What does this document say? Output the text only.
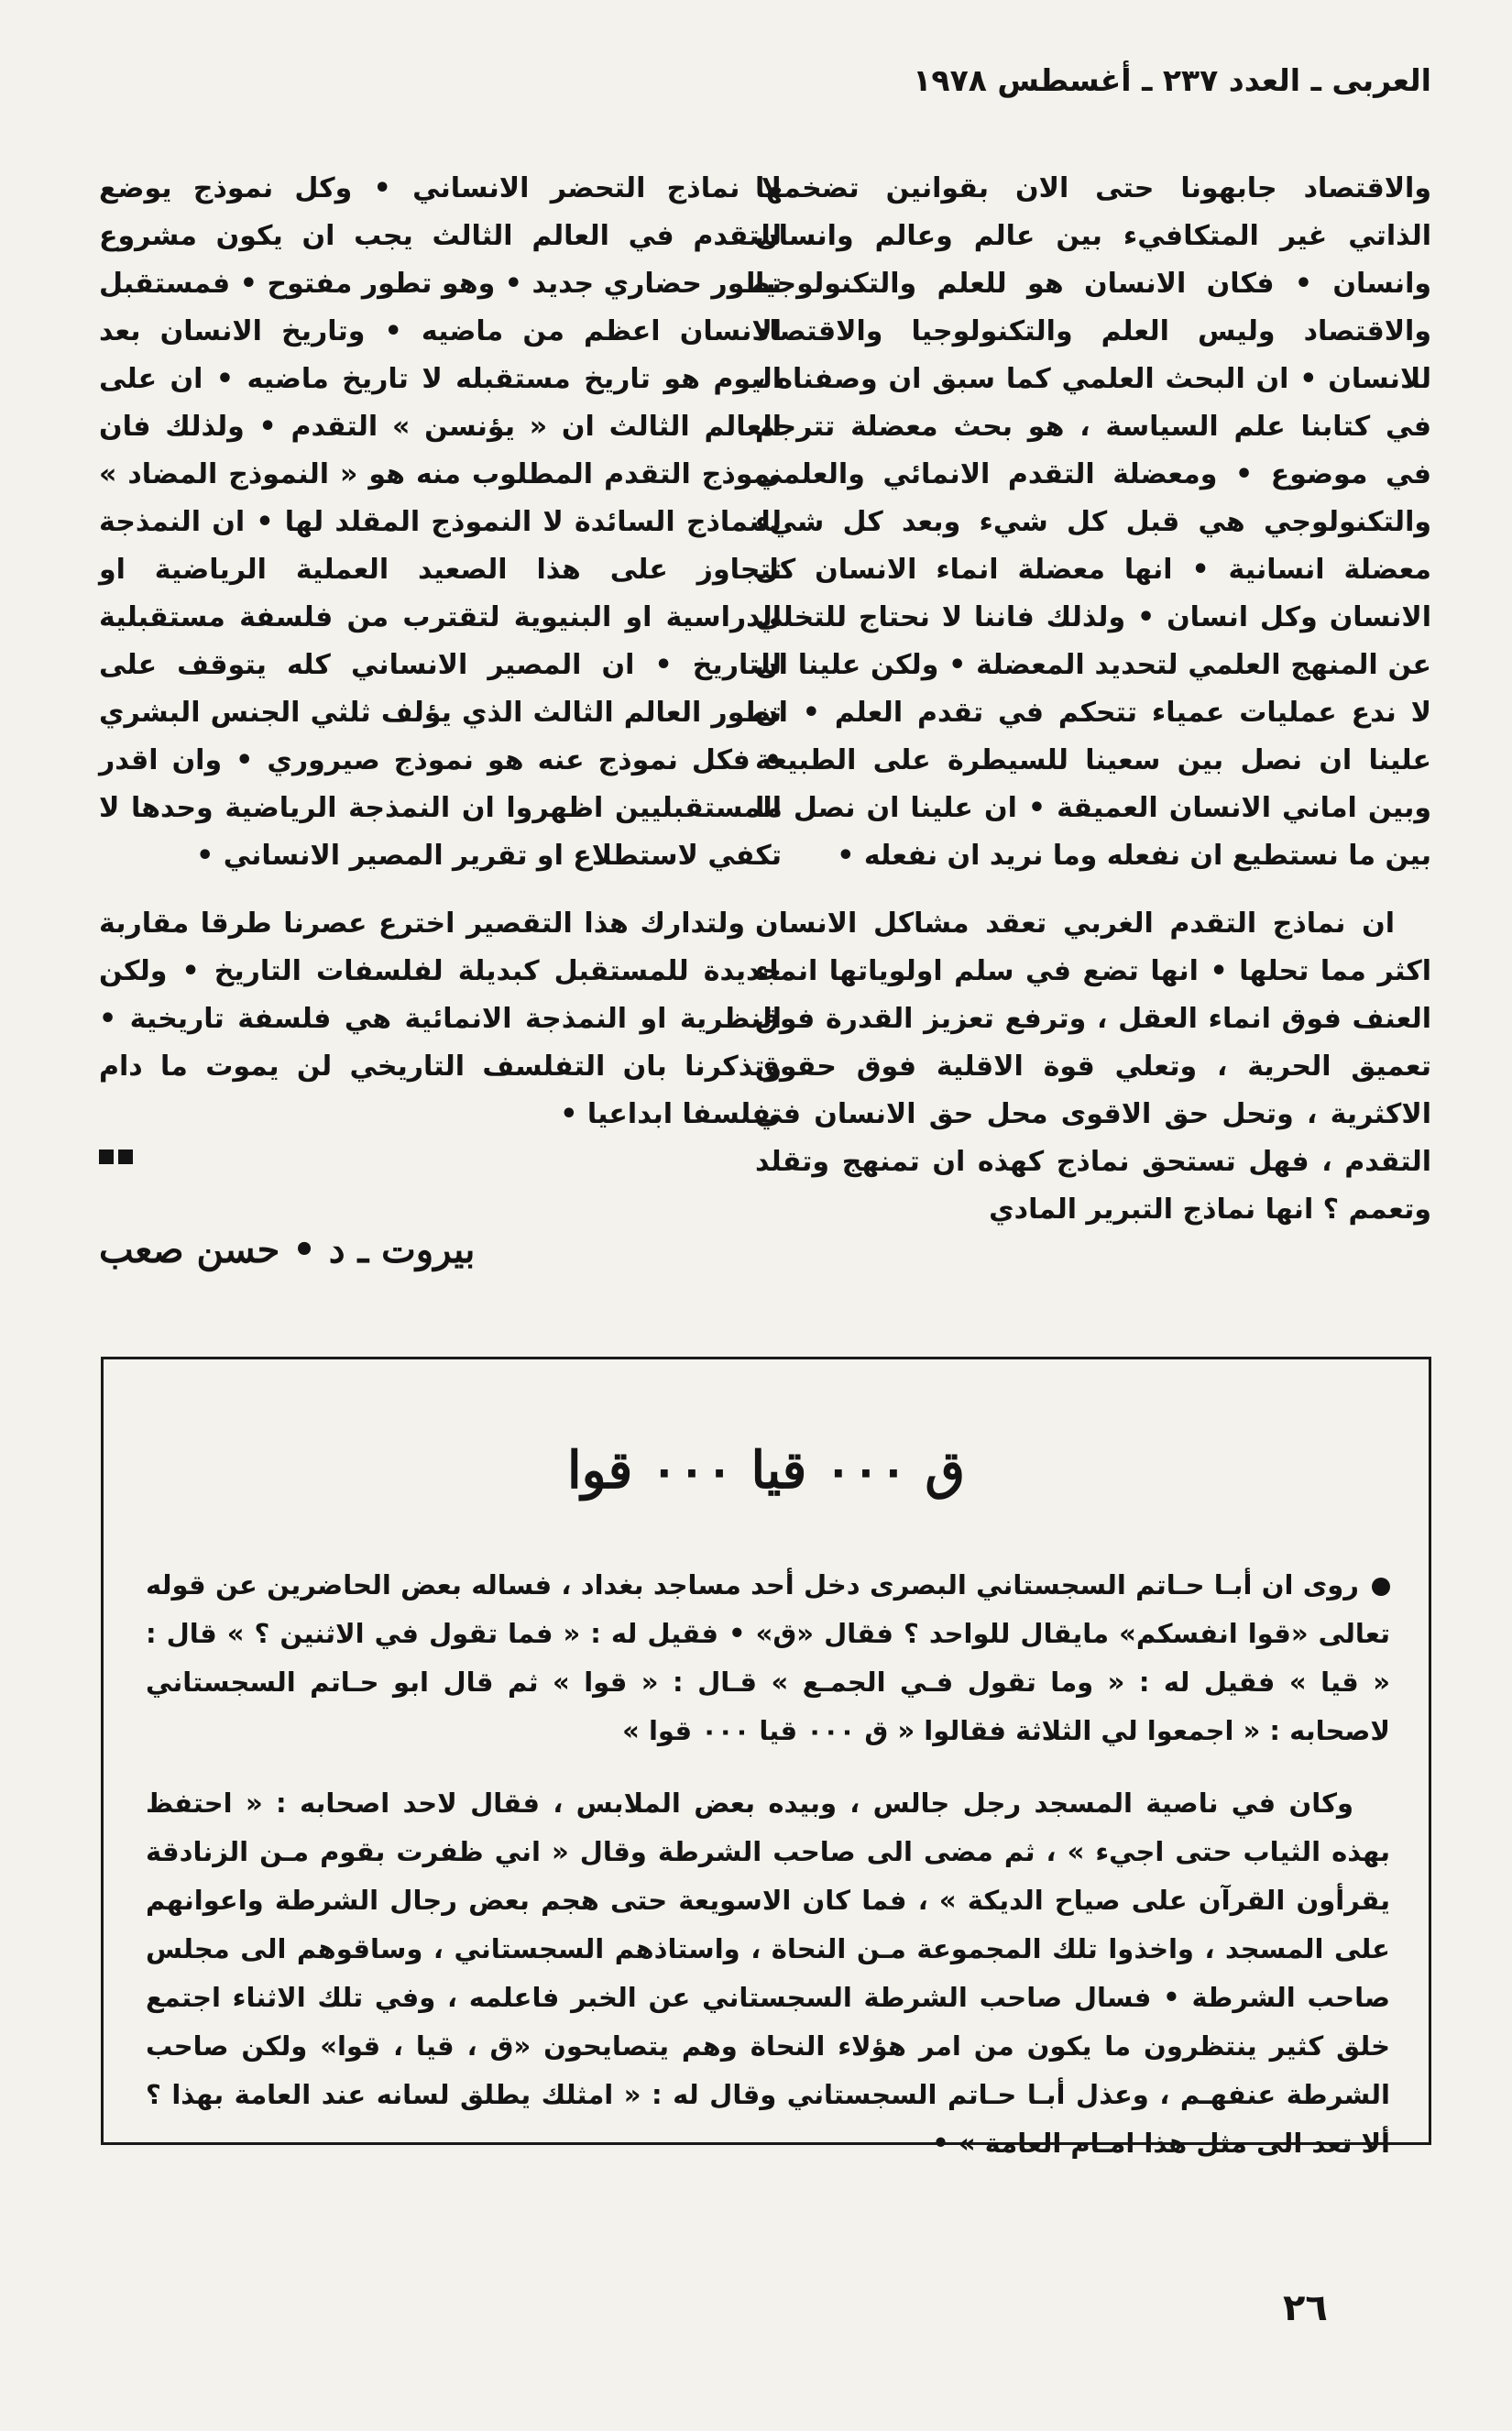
العربى ـ العدد ٢٣٧ ـ أغسطس ١٩٧٨

والاقتصاد جابهونا حتى الان بقوانين تضخمها الذاتي غير المتكافيء بين عالم وعالم وانسان وانسان • فكان الانسان هو للعلم والتكنولوجيا والاقتصاد وليس العلم والتكنولوجيا والاقتصاد للانسان • ان البحث العلمي كما سبق ان وصفناه ، في كتابنا علم السياسة ، هو بحث معضلة تترجم في موضوع • ومعضلة التقدم الانمائي والعلمي والتكنولوجي هي قبل كل شيء وبعد كل شيء معضلة انسانية • انها معضلة انماء الانسان كل الانسان وكل انسان • ولذلك فاننا لا نحتاج للتخلي عن المنهج العلمي لتحديد المعضلة • ولكن علينا ان لا ندع عمليات عمياء تتحكم في تقدم العلم • ان علينا ان نصل بين سعينا للسيطرة على الطبيعة وبين اماني الانسان العميقة • ان علينا ان نصل ما بين ما نستطيع ان نفعله وما نريد ان نفعله •

ان نماذج التقدم الغربي تعقد مشاكل الانسان اكثر مما تحلها • انها تضع في سلم اولوياتها انماء العنف فوق انماء العقل ، وترفع تعزيز القدرة فوق تعميق الحرية ، وتعلي قوة الاقلية فوق حقوق الاكثرية ، وتحل حق الاقوى محل حق الانسان في التقدم ، فهل تستحق نماذج كهذه ان تمنهج وتقلد وتعمم ؟ انها نماذج التبرير المادي

لا نماذج التحضر الانساني • وكل نموذج يوضع للتقدم في العالم الثالث يجب ان يكون مشروع تطور حضاري جديد • وهو تطور مفتوح • فمستقبل الانسان اعظم من ماضيه • وتاريخ الانسان بعد اليوم هو تاريخ مستقبله لا تاريخ ماضيه • ان على العالم الثالث ان « يؤنسن » التقدم • ولذلك فان نموذج التقدم المطلوب منه هو « النموذج المضاد » للنماذج السائدة لا النموذج المقلد لها • ان النمذجة تتجاوز على هذا الصعيد العملية الرياضية او الدراسية او البنيوية لتقترب من فلسفة مستقبلية للتاريخ • ان المصير الانساني كله يتوقف على تطور العالم الثالث الذي يؤلف ثلثي الجنس البشري • فكل نموذج عنه هو نموذج صيروري • وان اقدر المستقبليين اظهروا ان النمذجة الرياضية وحدها لا تكفي لاستطلاع او تقرير المصير الانساني •

ولتدارك هذا التقصير اخترع عصرنا طرقا مقاربة جديدة للمستقبل كبديلة لفلسفات التاريخ • ولكن النظرية او النمذجة الانمائية هي فلسفة تاريخية • وتذكرنا بان التفلسف التاريخي لن يموت ما دام تفلسفا ابداعيا •

بيروت ـ د • حسن صعب
ق ٠٠٠ قيا ٠٠٠ قوا

روى ان أبـا حـاتم السجستاني البصرى دخل أحد مساجد بغداد ، فساله بعض الحاضرين عن قوله تعالى «قوا انفسكم» مايقال للواحد ؟ فقال «ق» • فقيل له : « فما تقول في الاثنين ؟ » قال : « قيا » فقيل له : « وما تقول فـي الجمـع » قـال : « قوا » ثم قال ابو حـاتم السجستاني لاصحابه : « اجمعوا لي الثلاثة فقالوا « ق ٠٠٠ قيا ٠٠٠ قوا »

وكان في ناصية المسجد رجل جالس ، وبيده بعض الملابس ، فقال لاحد اصحابه : « احتفظ بهذه الثياب حتى اجيء » ، ثم مضى الى صاحب الشرطة وقال « اني ظفرت بقوم مـن الزنادقة يقرأون القرآن على صياح الديكة » ، فما كان الاسويعة حتى هجم بعض رجال الشرطة واعوانهم على المسجد ، واخذوا تلك المجموعة مـن النحاة ، واستاذهم السجستاني ، وساقوهم الى مجلس صاحب الشرطة • فسال صاحب الشرطة السجستاني عن الخبر فاعلمه ، وفي تلك الاثناء اجتمع خلق كثير ينتظرون ما يكون من امر هؤلاء النحاة وهم يتصايحون «ق ، قيا ، قوا» ولكن صاحب الشرطة عنفهـم ، وعذل أبـا حـاتم السجستاني وقال له : « امثلك يطلق لسانه عند العامة بهذا ؟ ألا تعد الى مثل هذا امـام العامة » •

٢٦
